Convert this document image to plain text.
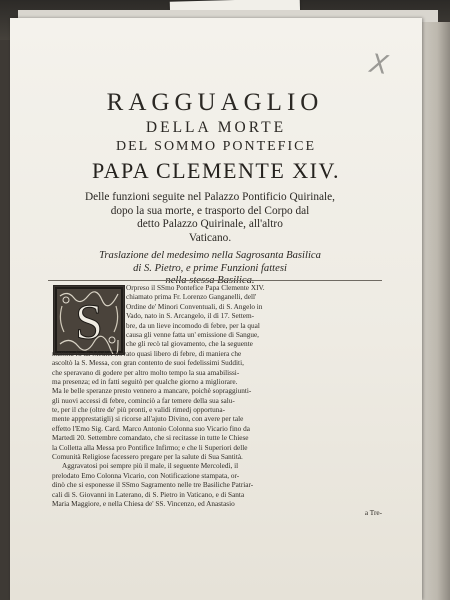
X
RAGGUAGLIO
DELLA MORTE
DEL SOMMO PONTEFICE
PAPA CLEMENTE XIV.
Delle funzioni seguite nel Palazzo Pontificio Quirinale,
dopo la sua morte, e trasporto del Corpo dal
detto Palazzo Quirinale, all'altro
Vaticano.
Traslazione del medesimo nella Sagrosanta Basilica
di S. Pietro, e prime Funzioni fattesi
nella stessa Basilica.
S
Orpreso il SSmo Pontefice Papa Clemente XIV.
chiamato prima Fr. Lorenzo Ganganelli, dell'
Ordine de' Minori Conventuali, di S. Angelo in
Vado, nato in S. Arcangelo, il dì 17. Settem-
bre, da un lieve incomodo di febre, per la qual
causa gli venne fatta un' emissione di Sangue,
che gli recò tal giovamento, che la seguente
mattina fu da Medici trovato quasi libero di febre, di maniera che
ascoltò la S. Messa, con gran contento de suoi fedelissimi Sudditi,
che speravano di godere per altro molto tempo la sua amabilissi-
ma presenza; ed in fatti seguitò per qualche giorno a migliorare.
Ma le belle speranze presto vennero a mancare, poichè sopraggiunti-
gli nuovi accessi di febre, cominciò a far temere della sua salu-
te, per il che (oltre de' più pronti, e validi rimedj opportuna-
mente appprestatigli) si ricorse all'ajuto Divino, con avere per tale
effetto l'Emo Sig. Card. Marco Antonio Colonna suo Vicario fino da
Martedì 20. Settembre comandato, che si recitasse in tutte le Chiese
la Colletta alla Messa pro Pontifice Infirmo; e che li Superiori delle
Comunità Religiose facessero pregare per la salute di Sua Santità.
Aggravatosi poi sempre più il male, il seguente Mercoledì, il
prelodato Emo Colonna Vicario, con Notificazione stampata, or-
dinò che si esponesse il SSmo Sagramento nelle tre Basiliche Patriar-
cali di S. Giovanni in Laterano, di S. Pietro in Vaticano, e di Santa
Maria Maggiore, e nella Chiesa de' SS. Vincenzo, ed Anastasio
a Tre-
